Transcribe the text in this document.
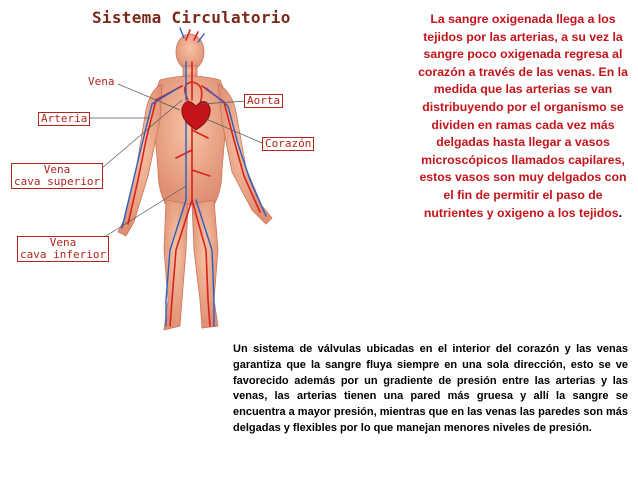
Sistema Circulatorio
Vena
Arteria
Vena
cava superior
Vena
cava inferior
Aorta
Corazón
La sangre oxigenada llega a los tejidos por las arterias, a su vez la sangre poco oxigenada regresa al corazón a través de las venas. En la medida que las arterias se van distribuyendo por el organismo se dividen en ramas cada vez más delgadas hasta llegar a vasos microscópicos llamados capilares, estos vasos son muy delgados con el fin de permitir el paso de nutrientes y oxigeno a los tejidos.
Un sistema de válvulas ubicadas en el interior del corazón y las venas garantiza que la sangre fluya siempre en una sola dirección, esto se ve favorecido además por un gradiente de presión entre las arterias y las venas, las arterias tienen una pared más gruesa y allí la sangre se encuentra a mayor presión, mientras que en las venas las paredes son más delgadas y flexibles por lo que manejan menores niveles de presión.
